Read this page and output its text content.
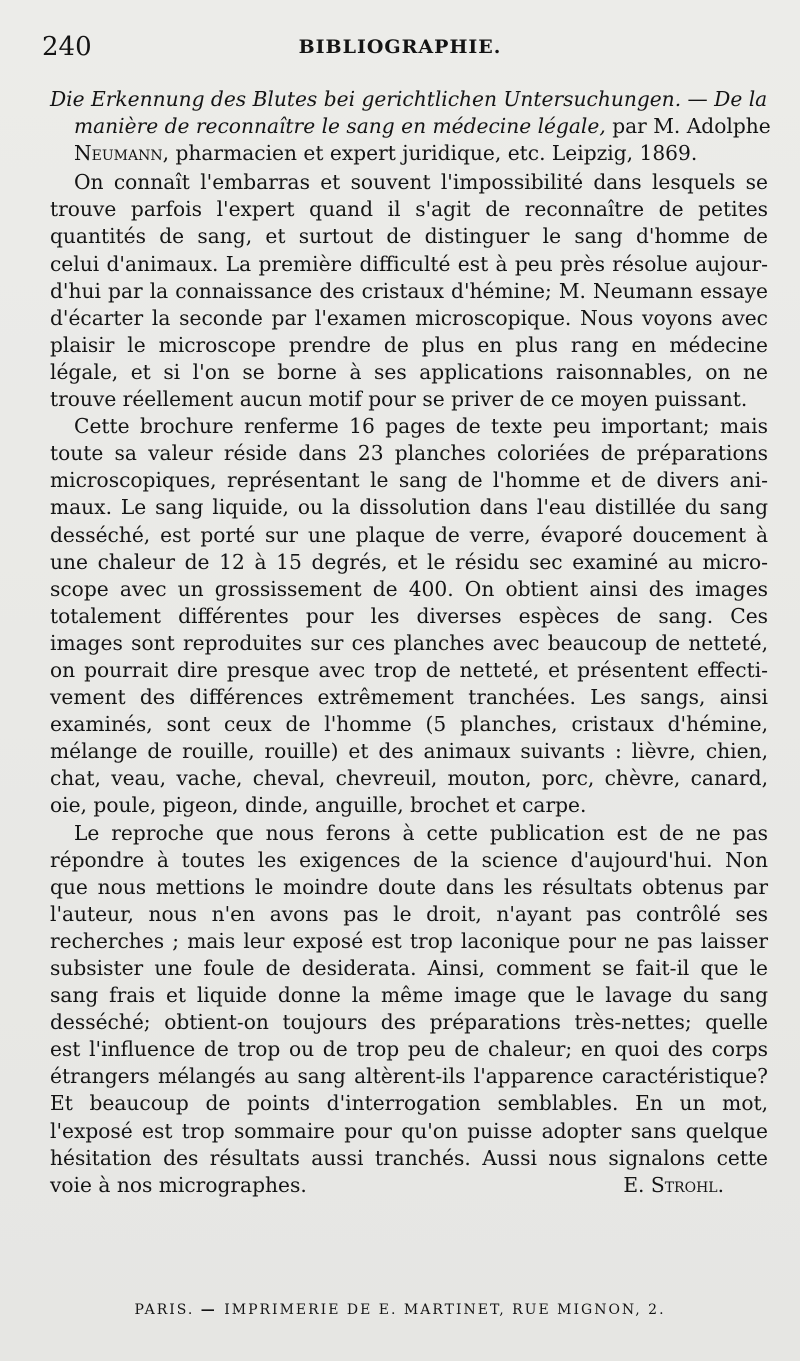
240	BIBLIOGRAPHIE.
Die Erkennung des Blutes bei gerichtlichen Untersuchungen. — De la
manière de reconnaître le sang en médecine légale, par M. Adolphe
Neumann, pharmacien et expert juridique, etc. Leipzig, 1869.
On connaît l'embarras et souvent l'impossibilité dans lesquels se
trouve parfois l'expert quand il s'agit de reconnaître de petites
quantités de sang, et surtout de distinguer le sang d'homme de
celui d'animaux. La première difficulté est à peu près résolue aujour-
d'hui par la connaissance des cristaux d'hémine; M. Neumann essaye
d'écarter la seconde par l'examen microscopique. Nous voyons avec
plaisir le microscope prendre de plus en plus rang en médecine
légale, et si l'on se borne à ses applications raisonnables, on ne
trouve réellement aucun motif pour se priver de ce moyen puissant.
Cette brochure renferme 16 pages de texte peu important; mais
toute sa valeur réside dans 23 planches coloriées de préparations
microscopiques, représentant le sang de l'homme et de divers ani-
maux. Le sang liquide, ou la dissolution dans l'eau distillée du sang
desséché, est porté sur une plaque de verre, évaporé doucement à
une chaleur de 12 à 15 degrés, et le résidu sec examiné au micro-
scope avec un grossissement de 400. On obtient ainsi des images
totalement différentes pour les diverses espèces de sang. Ces
images sont reproduites sur ces planches avec beaucoup de netteté,
on pourrait dire presque avec trop de netteté, et présentent effecti-
vement des différences extrêmement tranchées. Les sangs, ainsi
examinés, sont ceux de l'homme (5 planches, cristaux d'hémine,
mélange de rouille, rouille) et des animaux suivants : lièvre, chien,
chat, veau, vache, cheval, chevreuil, mouton, porc, chèvre, canard,
oie, poule, pigeon, dinde, anguille, brochet et carpe.
Le reproche que nous ferons à cette publication est de ne pas
répondre à toutes les exigences de la science d'aujourd'hui. Non
que nous mettions le moindre doute dans les résultats obtenus par
l'auteur, nous n'en avons pas le droit, n'ayant pas contrôlé ses
recherches ; mais leur exposé est trop laconique pour ne pas laisser
subsister une foule de desiderata. Ainsi, comment se fait-il que le
sang frais et liquide donne la même image que le lavage du sang
desséché; obtient-on toujours des préparations très-nettes; quelle
est l'influence de trop ou de trop peu de chaleur; en quoi des corps
étrangers mélangés au sang altèrent-ils l'apparence caractéristique?
Et beaucoup de points d'interrogation semblables. En un mot,
l'exposé est trop sommaire pour qu'on puisse adopter sans quelque
hésitation des résultats aussi tranchés. Aussi nous signalons cette
voie à nos micrographes.	E. Strohl.
PARIS. — IMPRIMERIE DE E. MARTINET, RUE MIGNON, 2.
